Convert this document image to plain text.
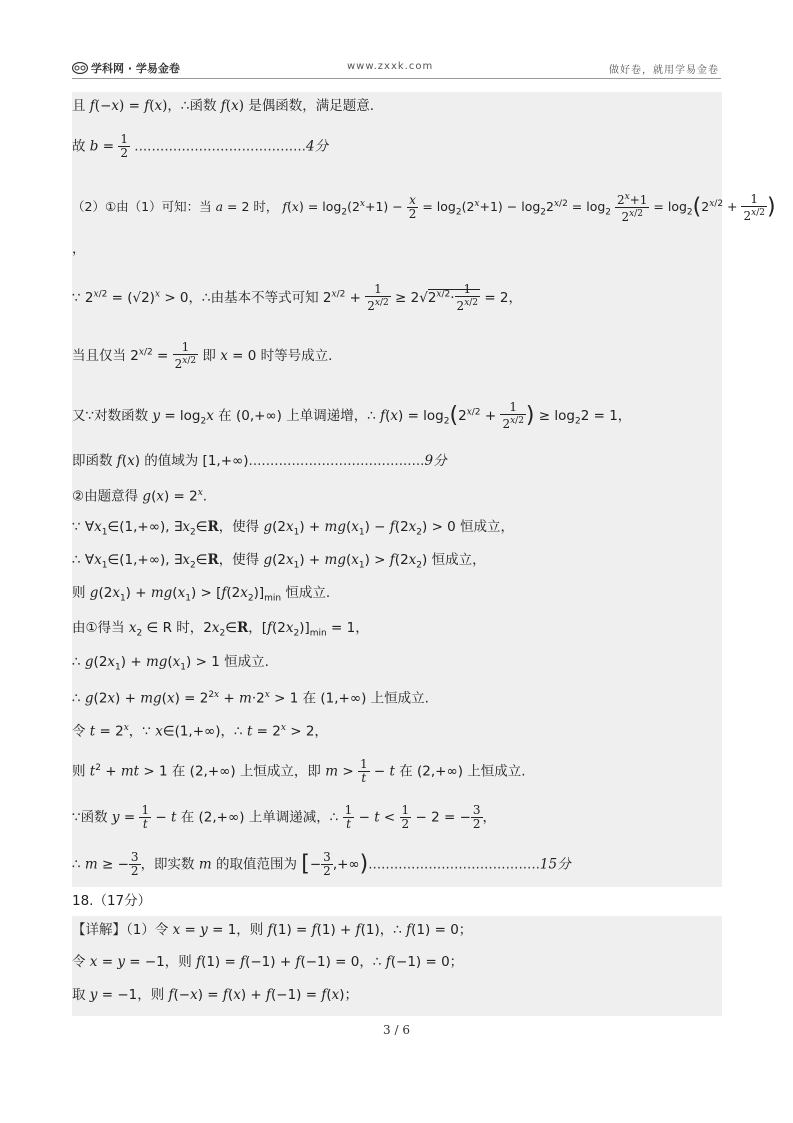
学科网 · 学易金卷	www.zxxk.com	做好卷，就用学易金卷
且 f(−x) = f(x)，∴函数 f(x) 是偶函数，满足题意.
故 $b = \frac{1}{2} ........................................4$分
（2）①由（1）可知：当 a = 2 时， $f(x) = \log_2(2^x+1) - \frac{x}{2} = \log_2(2^x+1) - \log_22^{x/2} = \log_2 \frac{2^x+1}{2^{x/2}} = \log_2(2^{x/2} + \frac{1}{2^{x/2}}$ )
，
∵ $2^{x/2} = (√2)^x > 0$，∴由基本不等式可知 $2^{x/2} + \frac{1}{2^{x/2}} \ge 2√2^{x/2}\cdot \frac{1}{2^{x/2}} = 2$，
当且仅当 $2^{x/2} = \frac{1}{2^{x/2}}$ 即 x = 0 时等号成立.
又∵对数函数 $y = \log_2x$ 在 (0,+∞) 上单调递增，∴ $f(x) = \log_2(2^{x/2} + \frac{1}{2^{x/2}}$ ) ≥ $\log_22 = 1$，
即函数 f(x) 的值域为 [1,+∞).........................................9分
②由题意得 $g(x) = 2^x$.
∵ $\forall x_1\in(1,+\infty)$, $\exists x_2\in R$，使得 $g(2x_1) + mg(x_1) - f(2x_2) > 0$ 恒成立，
∴ $\forall x_1\in(1,+\infty)$, $\exists x_2\in R$，使得 $g(2x_1) + mg(x_1) > f(2x_2)$ 恒成立，
则 $g(2x_1) + mg(x_1) > [f(2x_2)]_{min}$ 恒成立.
由①得当 $x_2$ ∈ R 时，$2x_2\in R$，$[f(2x_2)]_{min} = 1$，
∴ $g(2x_1) + mg(x_1) > 1$ 恒成立.
∴ $g(2x) + mg(x) = 2^{2x} + m\cdot 2^x > 1$ 在 (1,+∞) 上恒成立.
令 $t = 2^x$，∵ x∈(1,+∞)，∴ $t = 2^x > 2$，
则 $t^2$ + mt > 1 在 (2,+∞) 上恒成立，即 $m > \frac{1}{t} - t$ 在 (2,+∞) 上恒成立.
∵函数 $y = \frac{1}{t} - t$ 在 (2,+∞) 上单调递减，∴ $\frac{1}{t} - t < \frac{1}{2} - 2$ = − $\frac{3}{2}$ ，
∴ m ≥ − $\frac{3}{2}$ ，即实数 m 的取值范围为 [− $\frac{3}{2} ,+\infty)........................................15$分
18.（17分）
【详解】（1）令 x = y = 1，则 f(1) = f(1) + f(1)，∴ f(1) = 0；
令 x = y = −1，则 f(1) = f(−1) + f(−1) = 0，∴ f(−1) = 0；
取 y = −1，则 f(−x) = f(x) + f(−1) = f(x)；
3 / 6
